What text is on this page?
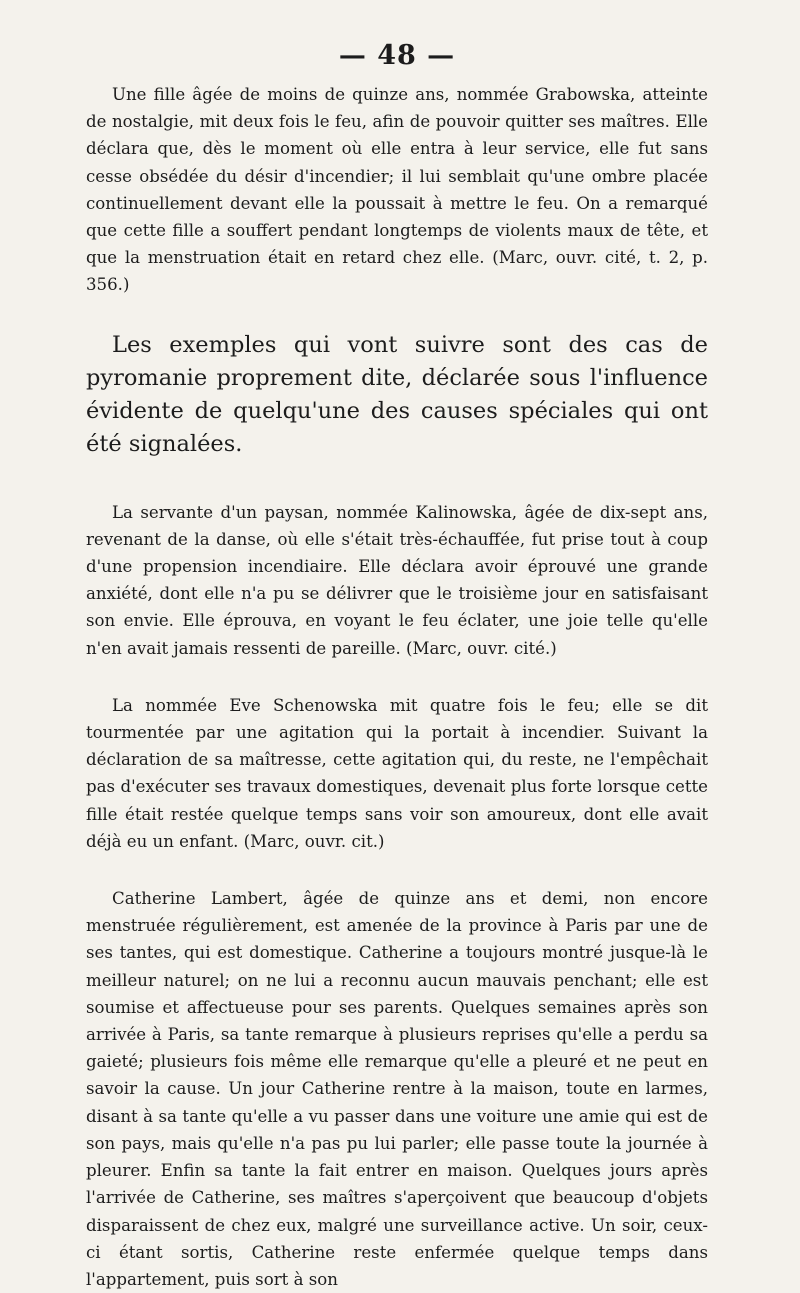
— 48 —

Une fille âgée de moins de quinze ans, nommée Grabowska, atteinte de nostalgie, mit deux fois le feu, afin de pouvoir quitter ses maîtres. Elle déclara que, dès le moment où elle entra à leur service, elle fut sans cesse obsédée du désir d'incendier; il lui semblait qu'une ombre placée continuellement devant elle la poussait à mettre le feu. On a remarqué que cette fille a souffert pendant longtemps de violents maux de tête, et que la menstruation était en retard chez elle. (Marc, ouvr. cité, t. 2, p. 356.)

Les exemples qui vont suivre sont des cas de pyromanie proprement dite, déclarée sous l'influence évidente de quelqu'une des causes spéciales qui ont été signalées.

La servante d'un paysan, nommée Kalinowska, âgée de dix-sept ans, revenant de la danse, où elle s'était très-échauffée, fut prise tout à coup d'une propension incendiaire. Elle déclara avoir éprouvé une grande anxiété, dont elle n'a pu se délivrer que le troisième jour en satisfaisant son envie. Elle éprouva, en voyant le feu éclater, une joie telle qu'elle n'en avait jamais ressenti de pareille. (Marc, ouvr. cité.)

La nommée Eve Schenowska mit quatre fois le feu; elle se dit tourmentée par une agitation qui la portait à incendier. Suivant la déclaration de sa maîtresse, cette agitation qui, du reste, ne l'empêchait pas d'exécuter ses travaux domestiques, devenait plus forte lorsque cette fille était restée quelque temps sans voir son amoureux, dont elle avait déjà eu un enfant. (Marc, ouvr. cit.)

Catherine Lambert, âgée de quinze ans et demi, non encore menstruée régulièrement, est amenée de la province à Paris par une de ses tantes, qui est domestique. Catherine a toujours montré jusque-là le meilleur naturel; on ne lui a reconnu aucun mauvais penchant; elle est soumise et affectueuse pour ses parents. Quelques semaines après son arrivée à Paris, sa tante remarque à plusieurs reprises qu'elle a perdu sa gaieté; plusieurs fois même elle remarque qu'elle a pleuré et ne peut en savoir la cause. Un jour Catherine rentre à la maison, toute en larmes, disant à sa tante qu'elle a vu passer dans une voiture une amie qui est de son pays, mais qu'elle n'a pas pu lui parler; elle passe toute la journée à pleurer. Enfin sa tante la fait entrer en maison. Quelques jours après l'arrivée de Catherine, ses maîtres s'aperçoivent que beaucoup d'objets disparaissent de chez eux, malgré une surveillance active. Un soir, ceux-ci étant sortis, Catherine reste enfermée quelque temps dans l'appartement, puis sort à son
